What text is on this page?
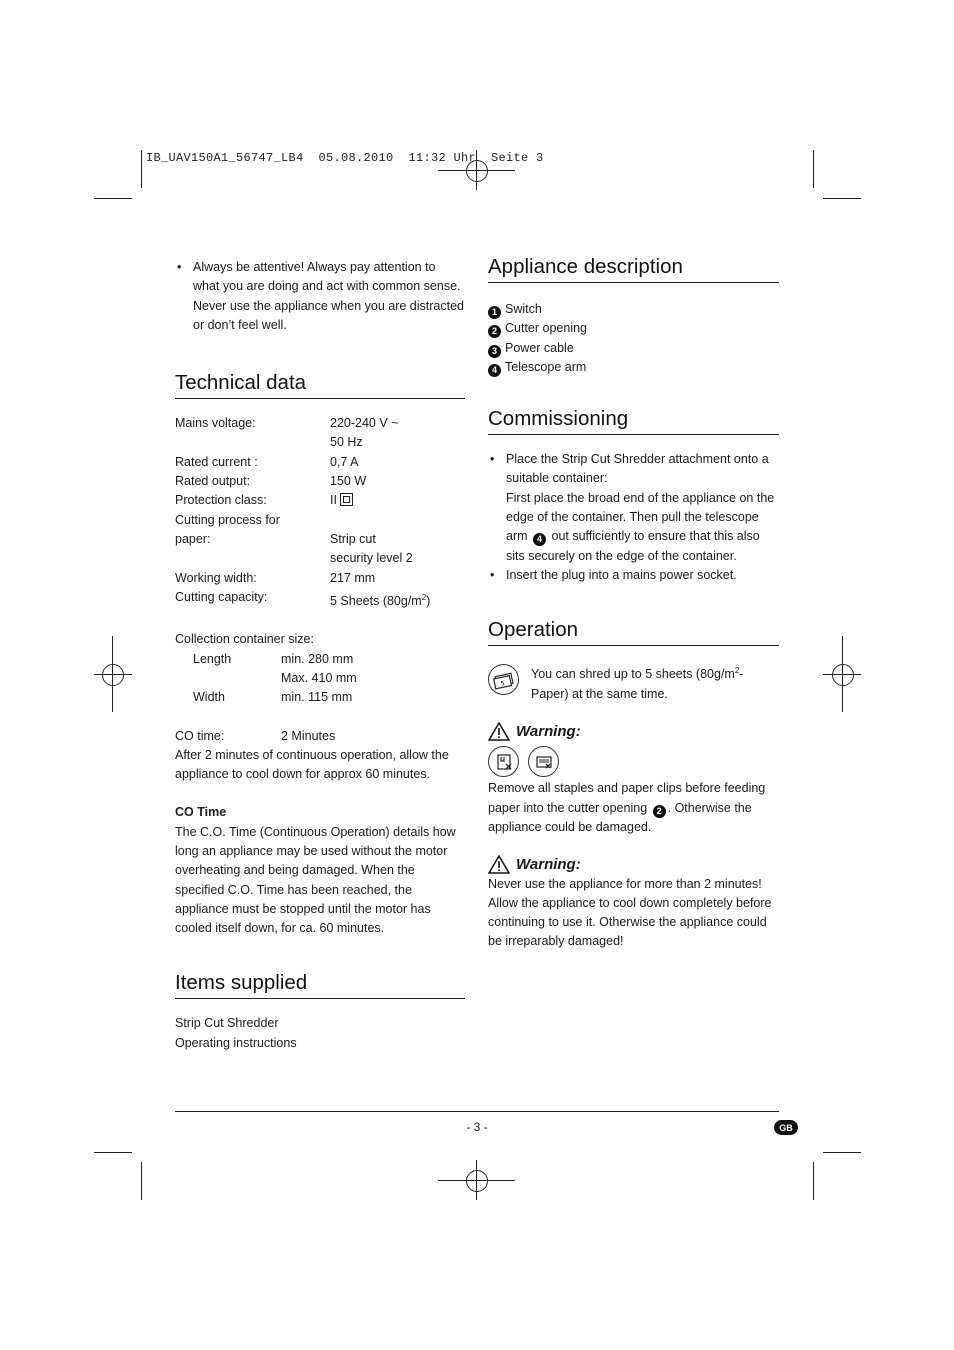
IB_UAV150A1_56747_LB4  05.08.2010  11:32 Uhr  Seite 3

• Always be attentive! Always pay attention to what you are doing and act with common sense. Never use the appliance when you are distracted or don’t feel well.

Technical data
Mains voltage:	220-240 V ~
50 Hz
Rated current :	0,7 A
Rated output:	150 W
Protection class:	II
Cutting process for
paper:	Strip cut
security level 2
Working width:	217 mm
Cutting capacity:	5 Sheets $(80g/m^2)$

Collection container size:

Length	min. 280 mm
Max. 410 mm
Width	min. 115 mm
CO time:	2 Minutes

After 2 minutes of continuous operation, allow the appliance to cool down for approx 60 minutes.

CO Time

The C.O. Time (Continuous Operation) details how long an appliance may be used without the motor overheating and being damaged. When the specified C.O. Time has been reached, the appliance must be stopped until the motor has cooled itself down, for ca. 60 minutes.

Items supplied

Strip Cut Shredder

Operating instructions

Appliance description

1 Switch

2 Cutter opening

3 Power cable

4 Telescope arm

Commissioning

• Place the Strip Cut Shredder attachment onto a suitable container:

First place the broad end of the appliance on the edge of the container. Then pull the telescope arm 4 out sufficiently to ensure that this also sits securely on the edge of the container.

• Insert the plug into a mains power socket.

Operation
5

You can shred up to 5 sheets $(80g/m^2-Paper)$ at the same time.

Warning:

Remove all staples and paper clips before feeding paper into the cutter opening 2 . Otherwise the appliance could be damaged.

Warning:

Never use the appliance for more than 2 minutes! Allow the appliance to cool down completely before continuing to use it. Otherwise the appliance could be irreparably damaged!

- 3 -	GB
